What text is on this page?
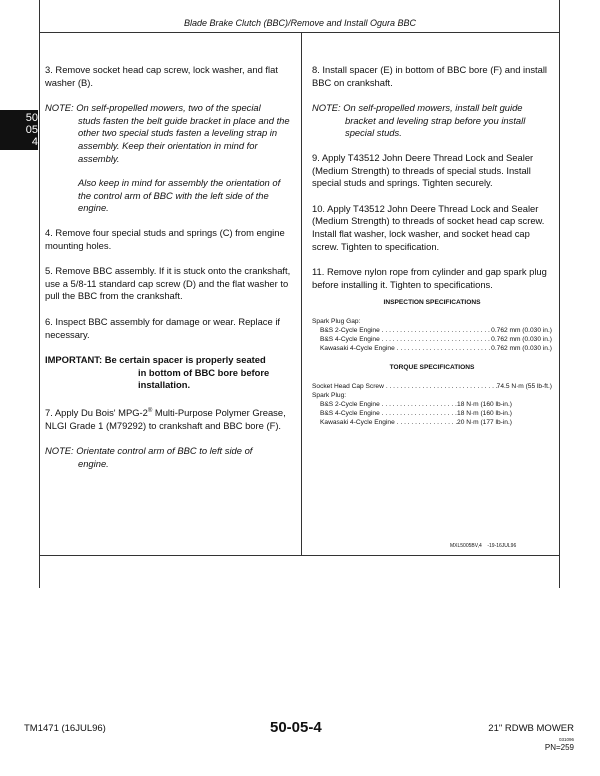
Blade Brake Clutch (BBC)/Remove and Install Ogura BBC
50
05
4

3. Remove socket head cap screw, lock washer, and flat washer (B).

NOTE: On self-propelled mowers, two of the special
studs fasten the belt guide bracket in place and the other two special studs fasten a leveling strap in assembly. Keep their orientation in mind for assembly.
Also keep in mind for assembly the orientation of the control arm of BBC with the left side of the engine.

4. Remove four special studs and springs (C) from engine mounting holes.

5. Remove BBC assembly. If it is stuck onto the crankshaft, use a 5/8-11 standard cap screw (D) and the flat washer to pull the BBC from the crankshaft.

6. Inspect BBC assembly for damage or wear. Replace if necessary.

IMPORTANT: Be certain spacer is properly seated
in bottom of BBC bore before installation.

7. Apply Du Bois' MPG-2® Multi-Purpose Polymer Grease, NLGI Grade 1 (M79292) to crankshaft and BBC bore (F).

NOTE: Orientate control arm of BBC to left side of
engine.

8. Install spacer (E) in bottom of BBC bore (F) and install BBC on crankshaft.

NOTE: On self-propelled mowers, install belt guide
bracket and leveling strap before you install special studs.

9. Apply T43512 John Deere Thread Lock and Sealer (Medium Strength) to threads of special studs. Install special studs and springs. Tighten securely.

10. Apply T43512 John Deere Thread Lock and Sealer (Medium Strength) to threads of socket head cap screw. Install flat washer, lock washer, and socket head cap screw. Tighten to specification.

11. Remove nylon rope from cylinder and gap spark plug before installing it. Tighten to specifications.

INSPECTION SPECIFICATIONS
Spark Plug Gap:
B&S 2-Cycle Engine . . .	0.762 mm (0.030 in.)
B&S 4-Cycle Engine . . .	0.762 mm (0.030 in.)
Kawasaki 4-Cycle Engine . . .	0.762 mm (0.030 in.)
TORQUE SPECIFICATIONS
Socket Head Cap Screw . . .	74.5 N·m (55 lb-ft.)
Spark Plug:
B&S 2-Cycle Engine . . .	18 N·m (160 lb-in.)
B&S 4-Cycle Engine . . .	18 N·m (160 lb-in.)
Kawasaki 4-Cycle Engine . . .	20 N·m (177 lb-in.)
MXL5005BV,4    -19-16JUL96
TM1471 (16JUL96)	50-05-4	21" RDWB MOWER
031096
PN=259
